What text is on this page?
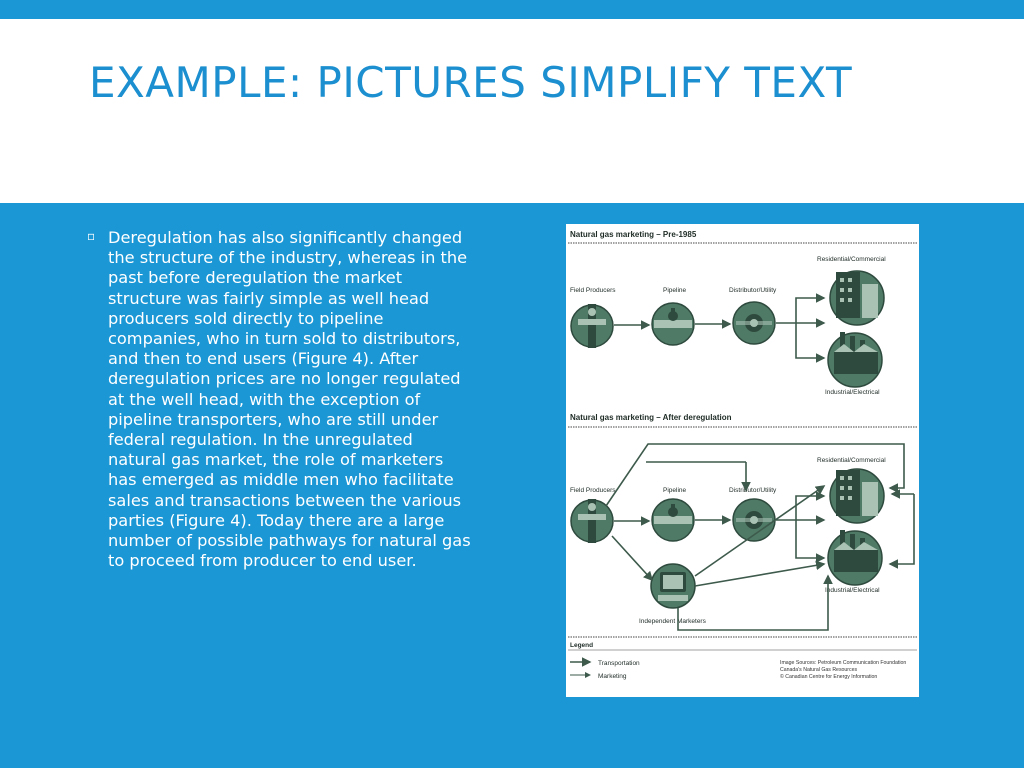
EXAMPLE: PICTURES SIMPLIFY TEXT
▫ Deregulation has also significantly changed the structure of the industry, whereas in the past before deregulation the market structure was fairly simple as well head producers sold directly to pipeline companies, who in turn sold to distributors, and then to end users (Figure 4). After deregulation prices are no longer regulated at the well head, with the exception of pipeline transporters, who are still under federal regulation. In the unregulated natural gas market, the role of marketers has emerged as middle men who facilitate sales and transactions between the various parties (Figure 4). Today there are a large number of possible pathways for natural gas to proceed from producer to end user.

Natural gas marketing – Pre-1985
Field Producers	Pipeline	Distributor/Utility
Residential/Commercial
Industrial/Electrical
Natural gas marketing – After deregulation
Field Producers	Pipeline	Distributor/Utility
Residential/Commercial
Industrial/Electrical
Independent Marketers
Legend
Transportation
Marketing
Image Sources: Petroleum Communication Foundation
Canada's Natural Gas Resources
© Canadian Centre for Energy Information
